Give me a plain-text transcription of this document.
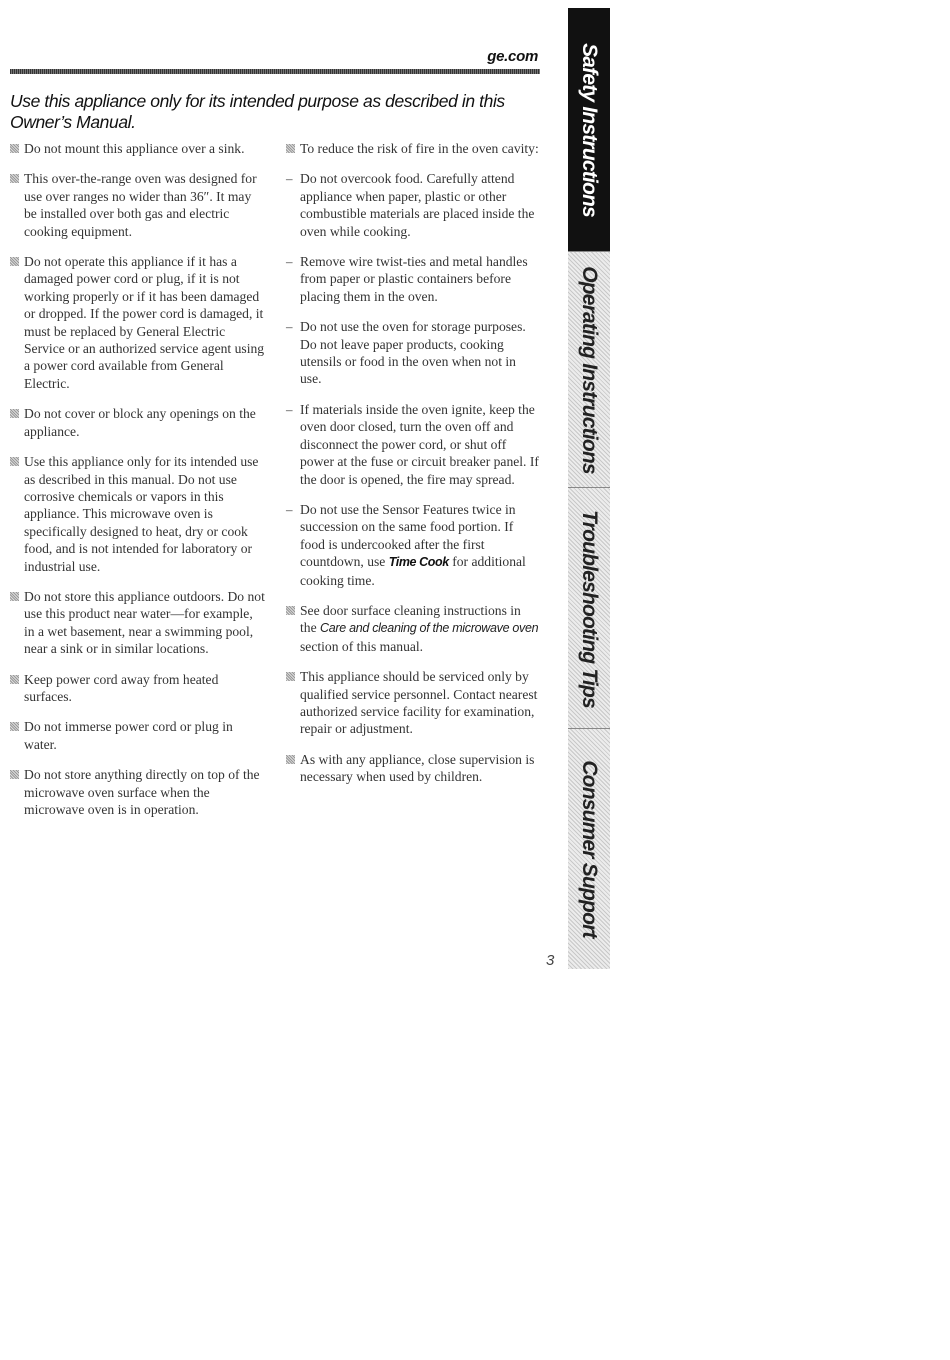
ge.com
Use this appliance only for its intended purpose as described in this Owner’s Manual.
Do not mount this appliance over a sink.
This over-the-range oven was designed for use over ranges no wider than 36″. It may be installed over both gas and electric cooking equipment.
Do not operate this appliance if it has a damaged power cord or plug, if it is not working properly or if it has been damaged or dropped. If the power cord is damaged, it must be replaced by General Electric Service or an authorized service agent using a power cord available from General Electric.
Do not cover or block any openings on the appliance.
Use this appliance only for its intended use as described in this manual. Do not use corrosive chemicals or vapors in this appliance. This microwave oven is specifically designed to heat, dry or cook food, and is not intended for laboratory or industrial use.
Do not store this appliance outdoors. Do not use this product near water—for example, in a wet basement, near a swimming pool, near a sink or in similar locations.
Keep power cord away from heated surfaces.
Do not immerse power cord or plug in water.
Do not store anything directly on top of the microwave oven surface when the microwave oven is in operation.
To reduce the risk of fire in the oven cavity:
– Do not overcook food. Carefully attend appliance when paper, plastic or other combustible materials are placed inside the oven while cooking.
– Remove wire twist-ties and metal handles from paper or plastic containers before placing them in the oven.
– Do not use the oven for storage purposes. Do not leave paper products, cooking utensils or food in the oven when not in use.
– If materials inside the oven ignite, keep the oven door closed, turn the oven off and disconnect the power cord, or shut off power at the fuse or circuit breaker panel. If the door is opened, the fire may spread.
– Do not use the Sensor Features twice in succession on the same food portion. If food is undercooked after the first countdown, use Time Cook for additional cooking time.
See door surface cleaning instructions in the Care and cleaning of the microwave oven section of this manual.
This appliance should be serviced only by qualified service personnel. Contact nearest authorized service facility for examination, repair or adjustment.
As with any appliance, close supervision is necessary when used by children.
3
Safety Instructions
Operating Instructions
Troubleshooting Tips
Consumer Support
